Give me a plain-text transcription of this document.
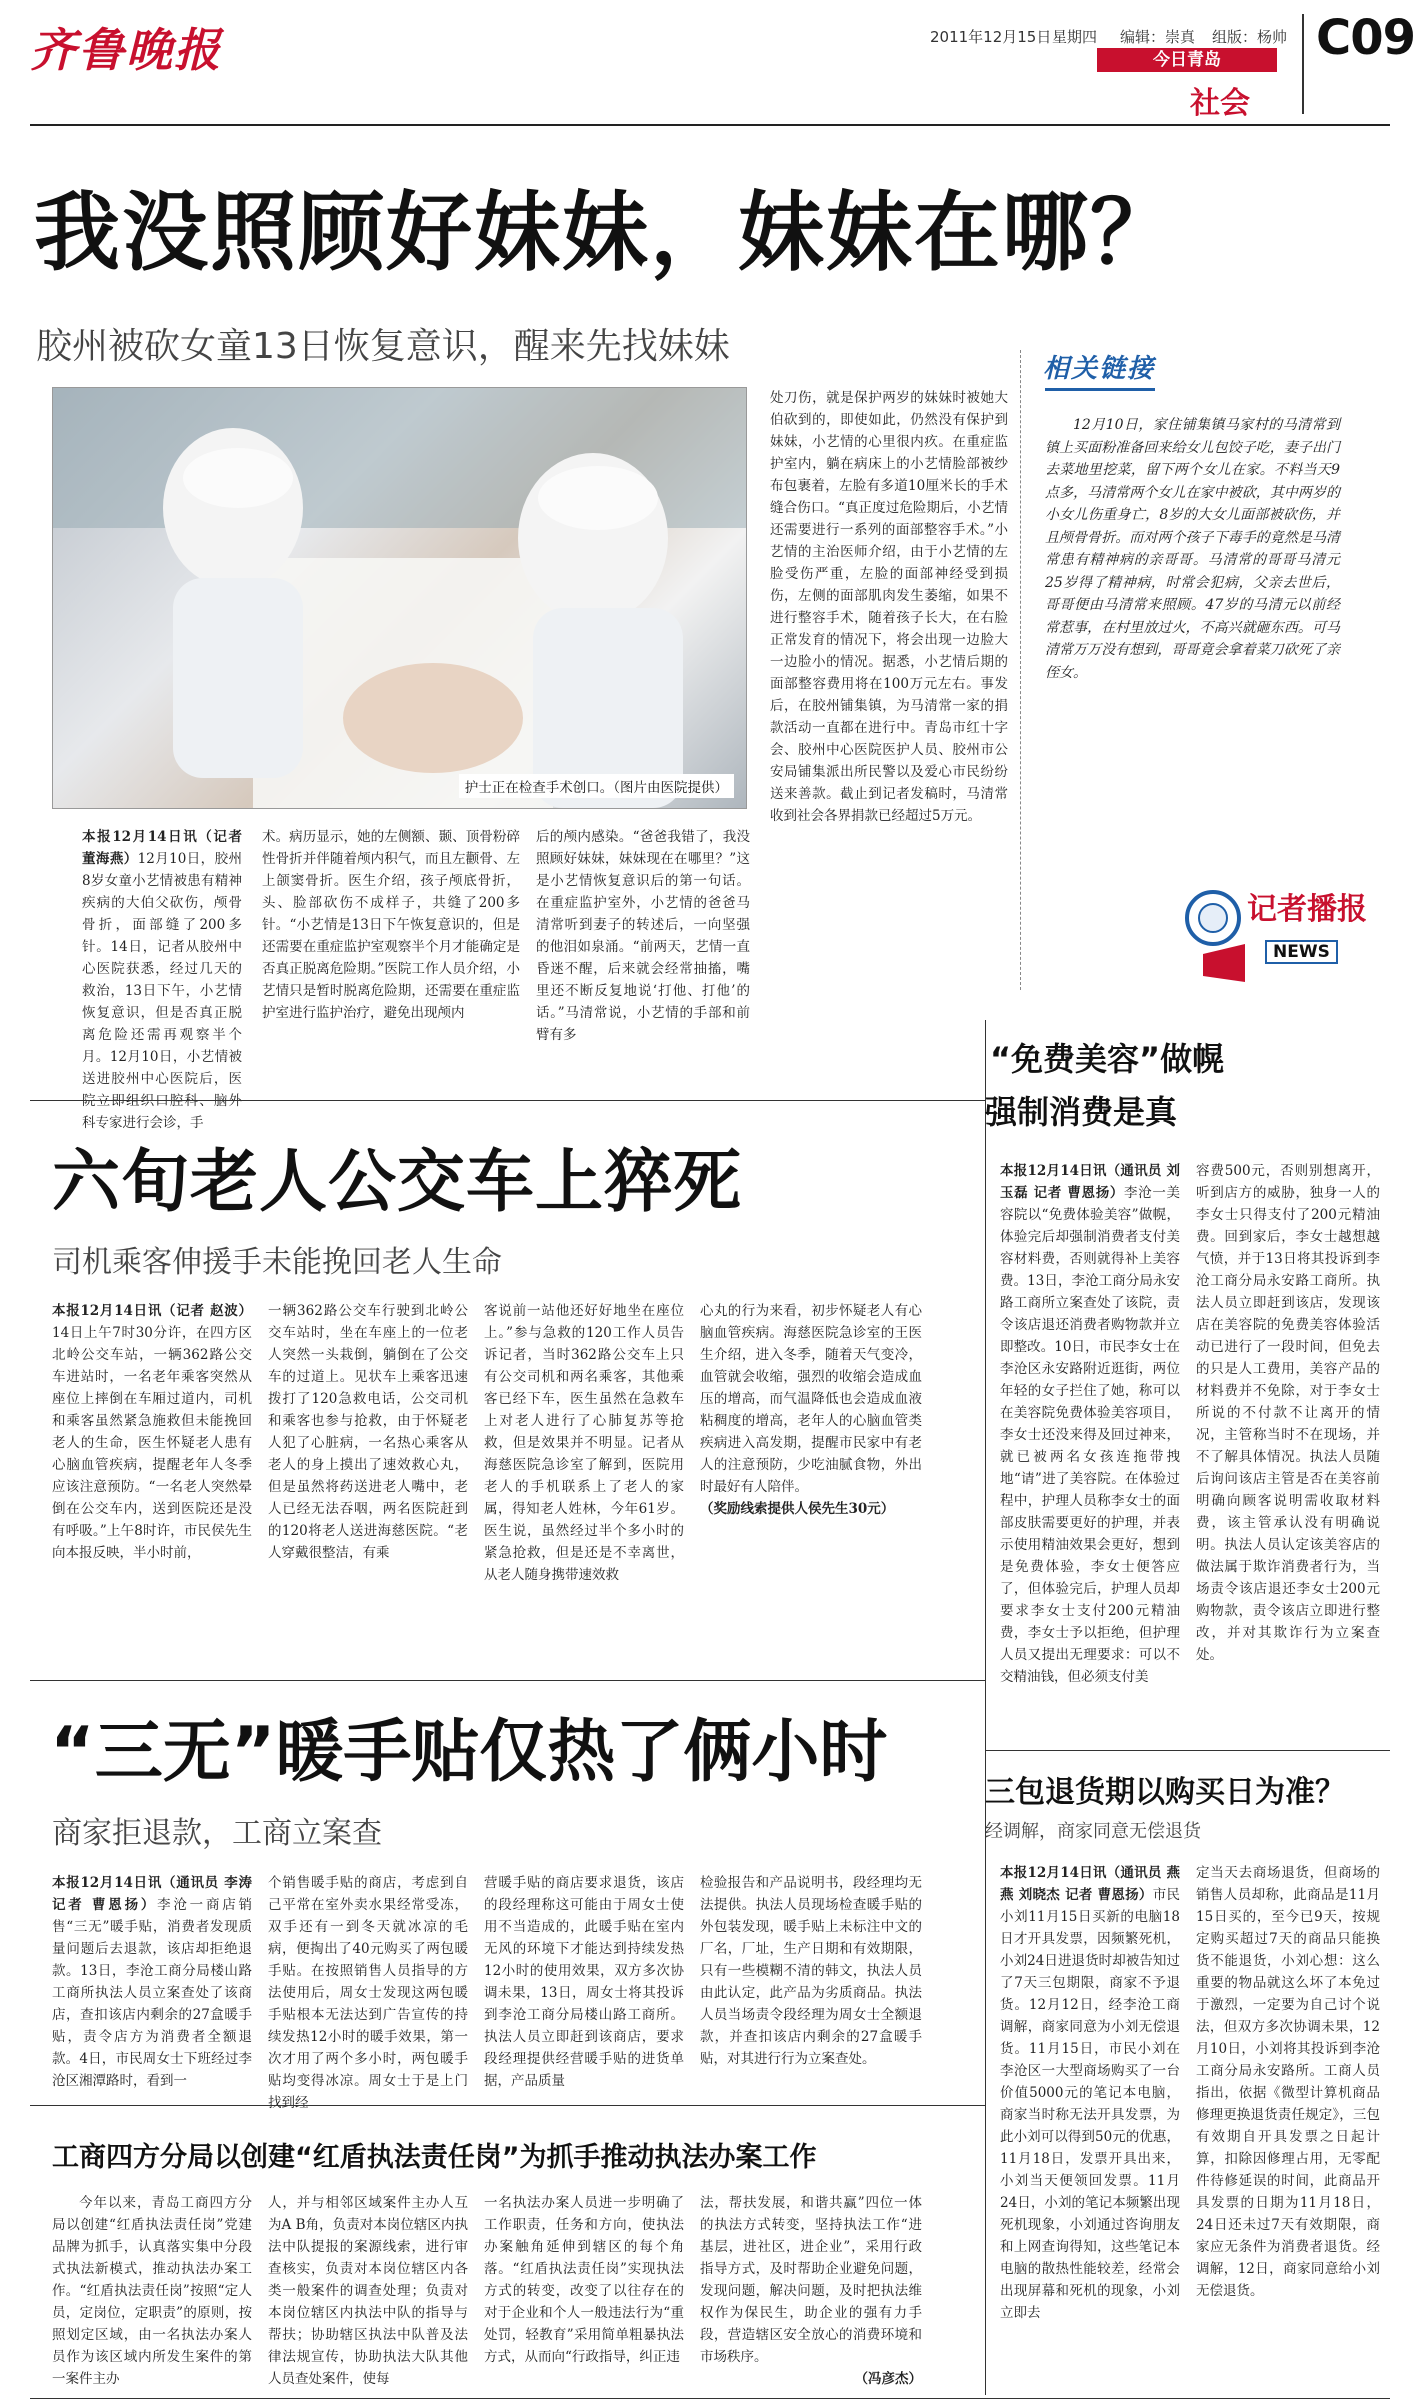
齐鲁晚报	2011年12月15日 星期四 编辑：崇真 组版：杨帅
今日青岛
社会
C09
我没照顾好妹妹，妹妹在哪？
胶州被砍女童13日恢复意识，醒来先找妹妹
护士正在检查手术创口。（图片由医院提供）

本报12月14日讯（记者 董海燕）12月10日，胶州8岁女童小艺情被患有精神疾病的大伯父砍伤，颅骨骨折，面部缝了200多针。14日，记者从胶州中心医院获悉，经过几天的救治，13日下午，小艺情恢复意识，但是否真正脱离危险还需再观察半个月。12月10日，小艺情被送进胶州中心医院后，医院立即组织口腔科、脑外科专家进行会诊，手

术。病历显示，她的左侧额、颞、顶骨粉碎性骨折并伴随着颅内积气，而且左颧骨、左上颌窦骨折。医生介绍，孩子颅底骨折，头、脸部砍伤不成样子，共缝了200多针。“小艺情是13日下午恢复意识的，但是还需要在重症监护室观察半个月才能确定是否真正脱离危险期。”医院工作人员介绍，小艺情只是暂时脱离危险期，还需要在重症监护室进行监护治疗，避免出现颅内

后的颅内感染。“爸爸我错了，我没照顾好妹妹，妹妹现在在哪里？”这是小艺情恢复意识后的第一句话。在重症监护室外，小艺情的爸爸马清常听到妻子的转述后，一向坚强的他泪如泉涌。“前两天，艺情一直昏迷不醒，后来就会经常抽搐，嘴里还不断反复地说‘打他、打他’的话。”马清常说，小艺情的手部和前臂有多

处刀伤，就是保护两岁的妹妹时被她大伯砍到的，即使如此，仍然没有保护到妹妹，小艺情的心里很内疚。在重症监护室内，躺在病床上的小艺情脸部被纱布包裹着，左脸有多道10厘米长的手术缝合伤口。“真正度过危险期后，小艺情还需要进行一系列的面部整容手术。”小艺情的主治医师介绍，由于小艺情的左脸受伤严重，左脸的面部神经受到损伤，左侧的面部肌肉发生萎缩，如果不进行整容手术，随着孩子长大，在右脸正常发育的情况下，将会出现一边脸大一边脸小的情况。据悉，小艺情后期的面部整容费用将在100万元左右。事发后，在胶州铺集镇，为马清常一家的捐款活动一直都在进行中。青岛市红十字会、胶州中心医院医护人员、胶州市公安局铺集派出所民警以及爱心市民纷纷送来善款。截止到记者发稿时，马清常收到社会各界捐款已经超过5万元。

相关链接
12月10日，家住铺集镇马家村的马清常到镇上买面粉准备回来给女儿包饺子吃，妻子出门去菜地里挖菜，留下两个女儿在家。不料当天9点多，马清常两个女儿在家中被砍，其中两岁的小女儿伤重身亡，8岁的大女儿面部被砍伤，并且颅骨骨折。而对两个孩子下毒手的竟然是马清常患有精神病的亲哥哥。马清常的哥哥马清元25岁得了精神病，时常会犯病，父亲去世后，哥哥便由马清常来照顾。47岁的马清元以前经常惹事，在村里放过火，不高兴就砸东西。可马清常万万没有想到，哥哥竟会拿着菜刀砍死了亲侄女。
记者播报
NEWS
六旬老人公交车上猝死
司机乘客伸援手未能挽回老人生命

本报12月14日讯（记者 赵波）14日上午7时30分许，在四方区北岭公交车站，一辆362路公交车进站时，一名老年乘客突然从座位上摔倒在车厢过道内，司机和乘客虽然紧急施救但未能挽回老人的生命，医生怀疑老人患有心脑血管疾病，提醒老年人冬季应该注意预防。“一名老人突然晕倒在公交车内，送到医院还是没有呼吸。”上午8时许，市民侯先生向本报反映，半小时前，

一辆362路公交车行驶到北岭公交车站时，坐在车座上的一位老人突然一头栽倒，躺倒在了公交车的过道上。见状车上乘客迅速拨打了120急救电话，公交司机和乘客也参与抢救，由于怀疑老人犯了心脏病，一名热心乘客从老人的身上摸出了速效救心丸，但是虽然将药送进老人嘴中，老人已经无法吞咽，两名医院赶到的120将老人送进海慈医院。“老人穿戴很整洁，有乘

客说前一站他还好好地坐在座位上。”参与急救的120工作人员告诉记者，当时362路公交车上只有公交司机和两名乘客，其他乘客已经下车，医生虽然在急救车上对老人进行了心肺复苏等抢救，但是效果并不明显。记者从海慈医院急诊室了解到，医院用老人的手机联系上了老人的家属，得知老人姓林，今年61岁。医生说，虽然经过半个多小时的紧急抢救，但是还是不幸离世，从老人随身携带速效救

心丸的行为来看，初步怀疑老人有心脑血管疾病。海慈医院急诊室的王医生介绍，进入冬季，随着天气变冷，血管就会收缩，强烈的收缩会造成血压的增高，而气温降低也会造成血液粘稠度的增高，老年人的心脑血管类疾病进入高发期，提醒市民家中有老人的注意预防，少吃油腻食物，外出时最好有人陪伴。

（奖励线索提供人侯先生30元）

“三无”暖手贴仅热了俩小时
商家拒退款，工商立案查

本报12月14日讯（通讯员 李涛 记者 曹恩扬）李沧一商店销售“三无”暖手贴，消费者发现质量问题后去退款，该店却拒绝退款。13日，李沧工商分局楼山路工商所执法人员立案查处了该商店，查扣该店内剩余的27盒暖手贴，责令店方为消费者全额退款。4日，市民周女士下班经过李沧区湘潭路时，看到一

个销售暖手贴的商店，考虑到自己平常在室外卖水果经常受冻，双手还有一到冬天就冰凉的毛病，便掏出了40元购买了两包暖手贴。在按照销售人员指导的方法使用后，周女士发现这两包暖手贴根本无法达到广告宣传的持续发热12小时的暖手效果，第一次才用了两个多小时，两包暖手贴均变得冰凉。周女士于是上门找到经

营暖手贴的商店要求退货，该店的段经理称这可能由于周女士使用不当造成的，此暖手贴在室内无风的环境下才能达到持续发热12小时的使用效果，双方多次协调未果，13日，周女士将其投诉到李沧工商分局楼山路工商所。执法人员立即赶到该商店，要求段经理提供经营暖手贴的进货单据，产品质量

检验报告和产品说明书，段经理均无法提供。执法人员现场检查暖手贴的外包装发现，暖手贴上未标注中文的厂名，厂址，生产日期和有效期限，只有一些模糊不清的韩文，执法人员由此认定，此产品为劣质商品。执法人员当场责令段经理为周女士全额退款，并查扣该店内剩余的27盒暖手贴，对其进行行为立案查处。

工商四方分局以创建“红盾执法责任岗”为抓手推动执法办案工作

今年以来，青岛工商四方分局以创建“红盾执法责任岗”党建品牌为抓手，认真落实集中分段式执法新模式，推动执法办案工作。“红盾执法责任岗”按照“定人员，定岗位，定职责”的原则，按照划定区域，由一名执法办案人员作为该区域内所发生案件的第一案件主办

人，并与相邻区域案件主办人互为A B角，负责对本岗位辖区内执法中队提报的案源线索，进行审查核实，负责对本岗位辖区内各类一般案件的调查处理；负责对本岗位辖区内执法中队的指导与帮扶；协助辖区执法中队普及法律法规宣传，协助执法大队其他人员查处案件，使每

一名执法办案人员进一步明确了工作职责，任务和方向，使执法办案触角延伸到辖区的每个角落。“红盾执法责任岗”实现执法方式的转变，改变了以往存在的对于企业和个人一般违法行为“重处罚，轻教育”采用简单粗暴执法方式，从而向“行政指导，纠正违

法，帮扶发展，和谐共赢”四位一体的执法方式转变，坚持执法工作“进基层，进社区，进企业”，采用行政指导方式，及时帮助企业避免问题，发现问题，解决问题，及时把执法维权作为保民生，助企业的强有力手段，营造辖区安全放心的消费环境和市场秩序。

（冯彦杰）

“免费美容”做幌
强制消费是真

本报12月14日讯（通讯员 刘玉磊 记者 曹恩扬）李沧一美容院以“免费体验美容”做幌，体验完后却强制消费者支付美容材料费，否则就得补上美容费。13日，李沧工商分局永安路工商所立案查处了该院，责令该店退还消费者购物款并立即整改。10日，市民李女士在李沧区永安路附近逛街，两位年轻的女子拦住了她，称可以在美容院免费体验美容项目，李女士还没来得及回过神来，就已被两名女孩连拖带拽地“请”进了美容院。在体验过程中，护理人员称李女士的面部皮肤需要更好的护理，并表示使用精油效果会更好，想到是免费体验，李女士便答应了，但体验完后，护理人员却要求李女士支付200元精油费，李女士予以拒绝，但护理人员又提出无理要求：可以不交精油钱，但必须支付美

容费500元，否则别想离开，听到店方的威胁，独身一人的李女士只得支付了200元精油费。回到家后，李女士越想越气愤，并于13日将其投诉到李沧工商分局永安路工商所。执法人员立即赶到该店，发现该店在美容院的免费美容体验活动已进行了一段时间，但免去的只是人工费用，美容产品的材料费并不免除，对于李女士所说的不付款不让离开的情况，主管称当时不在现场，并不了解具体情况。执法人员随后询问该店主管是否在美容前明确向顾客说明需收取材料费，该主管承认没有明确说明。执法人员认定该美容店的做法属于欺诈消费者行为，当场责令该店退还李女士200元购物款，责令该店立即进行整改，并对其欺诈行为立案查处。

三包退货期以购买日为准？
经调解，商家同意无偿退货

本报12月14日讯（通讯员 燕燕 刘晓杰 记者 曹恩扬）市民小刘11月15日买新的电脑18日才开具发票，因频繁死机，小刘24日进退货时却被告知过了7天三包期限，商家不予退货。12月12日，经李沧工商调解，商家同意为小刘无偿退货。11月15日，市民小刘在李沧区一大型商场购买了一台价值5000元的笔记本电脑，商家当时称无法开具发票，为此小刘可以得到50元的优惠，11月18日，发票开具出来，小刘当天便领回发票。11月24日，小刘的笔记本频繁出现死机现象，小刘通过咨询朋友和上网查询得知，这些笔记本电脑的散热性能较差，经常会出现屏幕和死机的现象，小刘立即去

定当天去商场退货，但商场的销售人员却称，此商品是11月15日买的，至今已9天，按规定购买超过7天的商品只能换货不能退货，小刘心想：这么重要的物品就这么坏了本免过于激烈，一定要为自己讨个说法，但双方多次协调未果，12月10日，小刘将其投诉到李沧工商分局永安路所。工商人员指出，依据《微型计算机商品修理更换退货责任规定》，三包有效期自开具发票之日起计算，扣除因修理占用，无零配件待修延误的时间，此商品开具发票的日期为11月18日，24日还未过7天有效期限，商家应无条件为消费者退货。经调解，12日，商家同意给小刘无偿退货。
